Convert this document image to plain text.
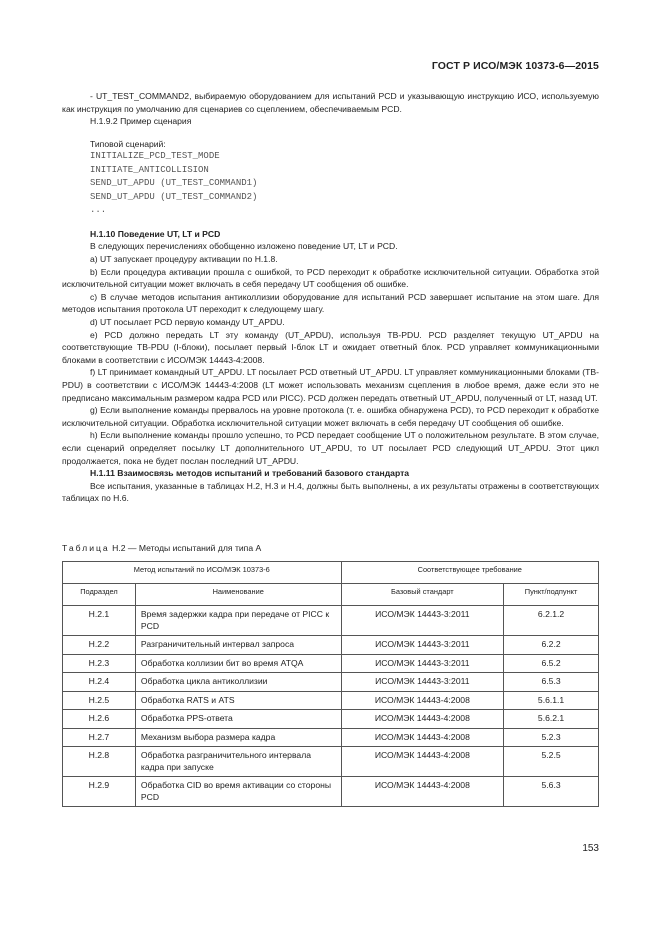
ГОСТ Р ИСО/МЭК 10373-6—2015

- UT_TEST_COMMAND2, выбираемую оборудованием для испытаний PCD и указывающую инструкцию ИСО, используемую как инструкция по умолчанию для сценариев со сцеплением, обеспечиваемым PCD.

H.1.9.2 Пример сценария

Типовой сценарий:

INITIALIZE_PCD_TEST_MODE
INITIATE_ANTICOLLISION
SEND_UT_APDU (UT_TEST_COMMAND1)
SEND_UT_APDU (UT_TEST_COMMAND2)
...

H.1.10 Поведение UT, LT и PCD

В следующих перечислениях обобщенно изложено поведение UT, LT и PCD.

a) UT запускает процедуру активации по H.1.8.

b) Если процедура активации прошла с ошибкой, то PCD переходит к обработке исключительной ситуации. Обработка этой исключительной ситуации может включать в себя передачу UT сообщения об ошибке.

c) В случае методов испытания антиколлизии оборудование для испытаний PCD завершает испытание на этом шаге. Для методов испытания протокола UT переходит к следующему шагу.

d) UT посылает PCD первую команду UT_APDU.

e) PCD должно передать LT эту команду (UT_APDU), используя TB-PDU. PCD разделяет текущую UT_APDU на соответствующие TB-PDU (I-блоки), посылает первый I-блок LT и ожидает ответный блок. PCD управляет коммуникационными блоками в соответствии с ИСО/МЭК 14443-4:2008.

f) LT принимает командный UT_APDU. LT посылает PCD ответный UT_APDU. LT управляет коммуникационными блоками (TB-PDU) в соответствии с ИСО/МЭК 14443-4:2008 (LT может использовать механизм сцепления в любое время, даже если это не предписано максимальным размером кадра PCD или PICC). PCD должен передать ответный UT_APDU, полученный от LT, назад UT.

g) Если выполнение команды прервалось на уровне протокола (т. е. ошибка обнаружена PCD), то PCD переходит к обработке исключительной ситуации. Обработка исключительной ситуации может включать в себя передачу UT сообщения об ошибке.

h) Если выполнение команды прошло успешно, то PCD передает сообщение UT о положительном результате. В этом случае, если сценарий определяет посылку LT дополнительного UT_APDU, то UT посылает PCD следующий UT_APDU. Этот цикл продолжается, пока не будет послан последний UT_APDU.

H.1.11 Взаимосвязь методов испытаний и требований базового стандарта

Все испытания, указанные в таблицах H.2, H.3 и H.4, должны быть выполнены, а их результаты отражены в соответствующих таблицах по H.6.

Таблица H.2 — Методы испытаний для типа A
Метод испытаний по ИСО/МЭК 10373-6		Соответствующее требование	
Подраздел	Наименование	Базовый стандарт	Пункт/подпункт
H.2.1	Время задержки кадра при передаче от PICC к PCD	ИСО/МЭК 14443-3:2011	6.2.1.2
H.2.2	Разграничительный интервал запроса	ИСО/МЭК 14443-3:2011	6.2.2
H.2.3	Обработка коллизии бит во время ATQA	ИСО/МЭК 14443-3:2011	6.5.2
H.2.4	Обработка цикла антиколлизии	ИСО/МЭК 14443-3:2011	6.5.3
H.2.5	Обработка RATS и ATS	ИСО/МЭК 14443-4:2008	5.6.1.1
H.2.6	Обработка PPS-ответа	ИСО/МЭК 14443-4:2008	5.6.2.1
H.2.7	Механизм выбора размера кадра	ИСО/МЭК 14443-4:2008	5.2.3
H.2.8	Обработка разграничительного интервала кадра при запуске	ИСО/МЭК 14443-4:2008	5.2.5
H.2.9	Обработка CID во время активации со стороны PCD	ИСО/МЭК 14443-4:2008	5.6.3
153
